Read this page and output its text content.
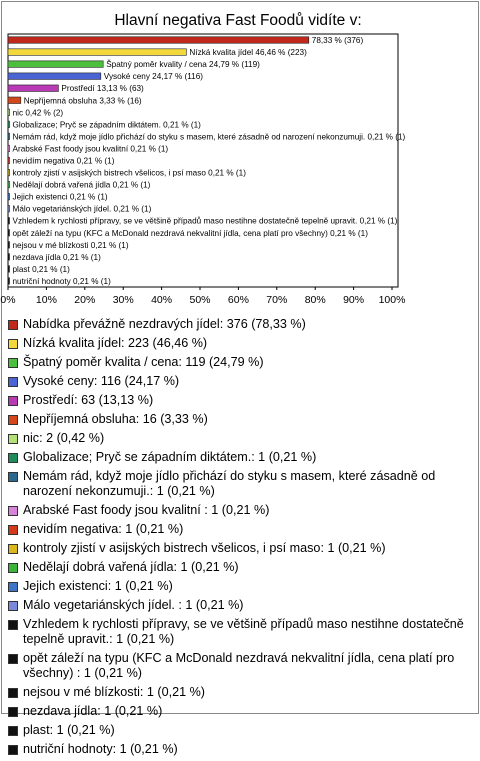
Hlavní negativa Fast Foodů vidíte v:
78,33 % (376)
Nízká kvalita jídel 46,46 % (223)
Špatný poměr kvality / cena 24,79 % (119)
Vysoké ceny 24,17 % (116)
Prostředí 13,13 % (63)
Nepříjemná obsluha 3,33 % (16)
nic 0,42 % (2)
Globalizace; Pryč se západním diktátem. 0,21 % (1)
Nemám rád, když moje jídlo přichází do styku s masem, které zásadně od narození nekonzumuji. 0,21 % (1)
Arabské Fast foody jsou kvalitní 0,21 % (1)
nevidím negativa 0,21 % (1)
kontroly zjistí v asijských bistrech všelicos, i psí maso 0,21 % (1)
Nedělají dobrá vařená jídla 0,21 % (1)
Jejich existenci 0,21 % (1)
Málo vegetariánských jídel. 0,21 % (1)
Vzhledem k rychlosti přípravy, se ve většině případů maso nestihne dostatečně tepelně upravit. 0,21 % (1)
opět záleží na typu (KFC a McDonald nezdravá nekvalitní jídla, cena platí pro všechny) 0,21 % (1)
nejsou v mé blízkosti 0,21 % (1)
nezdava jídla 0,21 % (1)
plast 0,21 % (1)
nutriční hodnoty 0,21 % (1)
0% 10% 20% 30% 40% 50% 60% 70% 80% 90% 100%
Nabídka převážně nezdravých jídel: 376 (78,33 %)
Nízká kvalita jídel: 223 (46,46 %)
Špatný poměr kvalita / cena: 119 (24,79 %)
Vysoké ceny: 116 (24,17 %)
Prostředí: 63 (13,13 %)
Nepříjemná obsluha: 16 (3,33 %)
nic: 2 (0,42 %)
Globalizace; Pryč se západním diktátem.: 1 (0,21 %)
Nemám rád, když moje jídlo přichází do styku s masem, které zásadně od narození nekonzumuji.: 1 (0,21 %)
Arabské Fast foody jsou kvalitní : 1 (0,21 %)
nevidím negativa: 1 (0,21 %)
kontroly zjistí v asijských bistrech všelicos, i psí maso: 1 (0,21 %)
Nedělají dobrá vařená jídla: 1 (0,21 %)
Jejich existenci: 1 (0,21 %)
Málo vegetariánských jídel. : 1 (0,21 %)
Vzhledem k rychlosti přípravy, se ve většině případů maso nestihne dostatečně tepelně upravit.: 1 (0,21 %)
opět záleží na typu (KFC a McDonald nezdravá nekvalitní jídla, cena platí pro všechny) : 1 (0,21 %)
nejsou v mé blízkosti: 1 (0,21 %)
nezdava jídla: 1 (0,21 %)
plast: 1 (0,21 %)
nutriční hodnoty: 1 (0,21 %)
